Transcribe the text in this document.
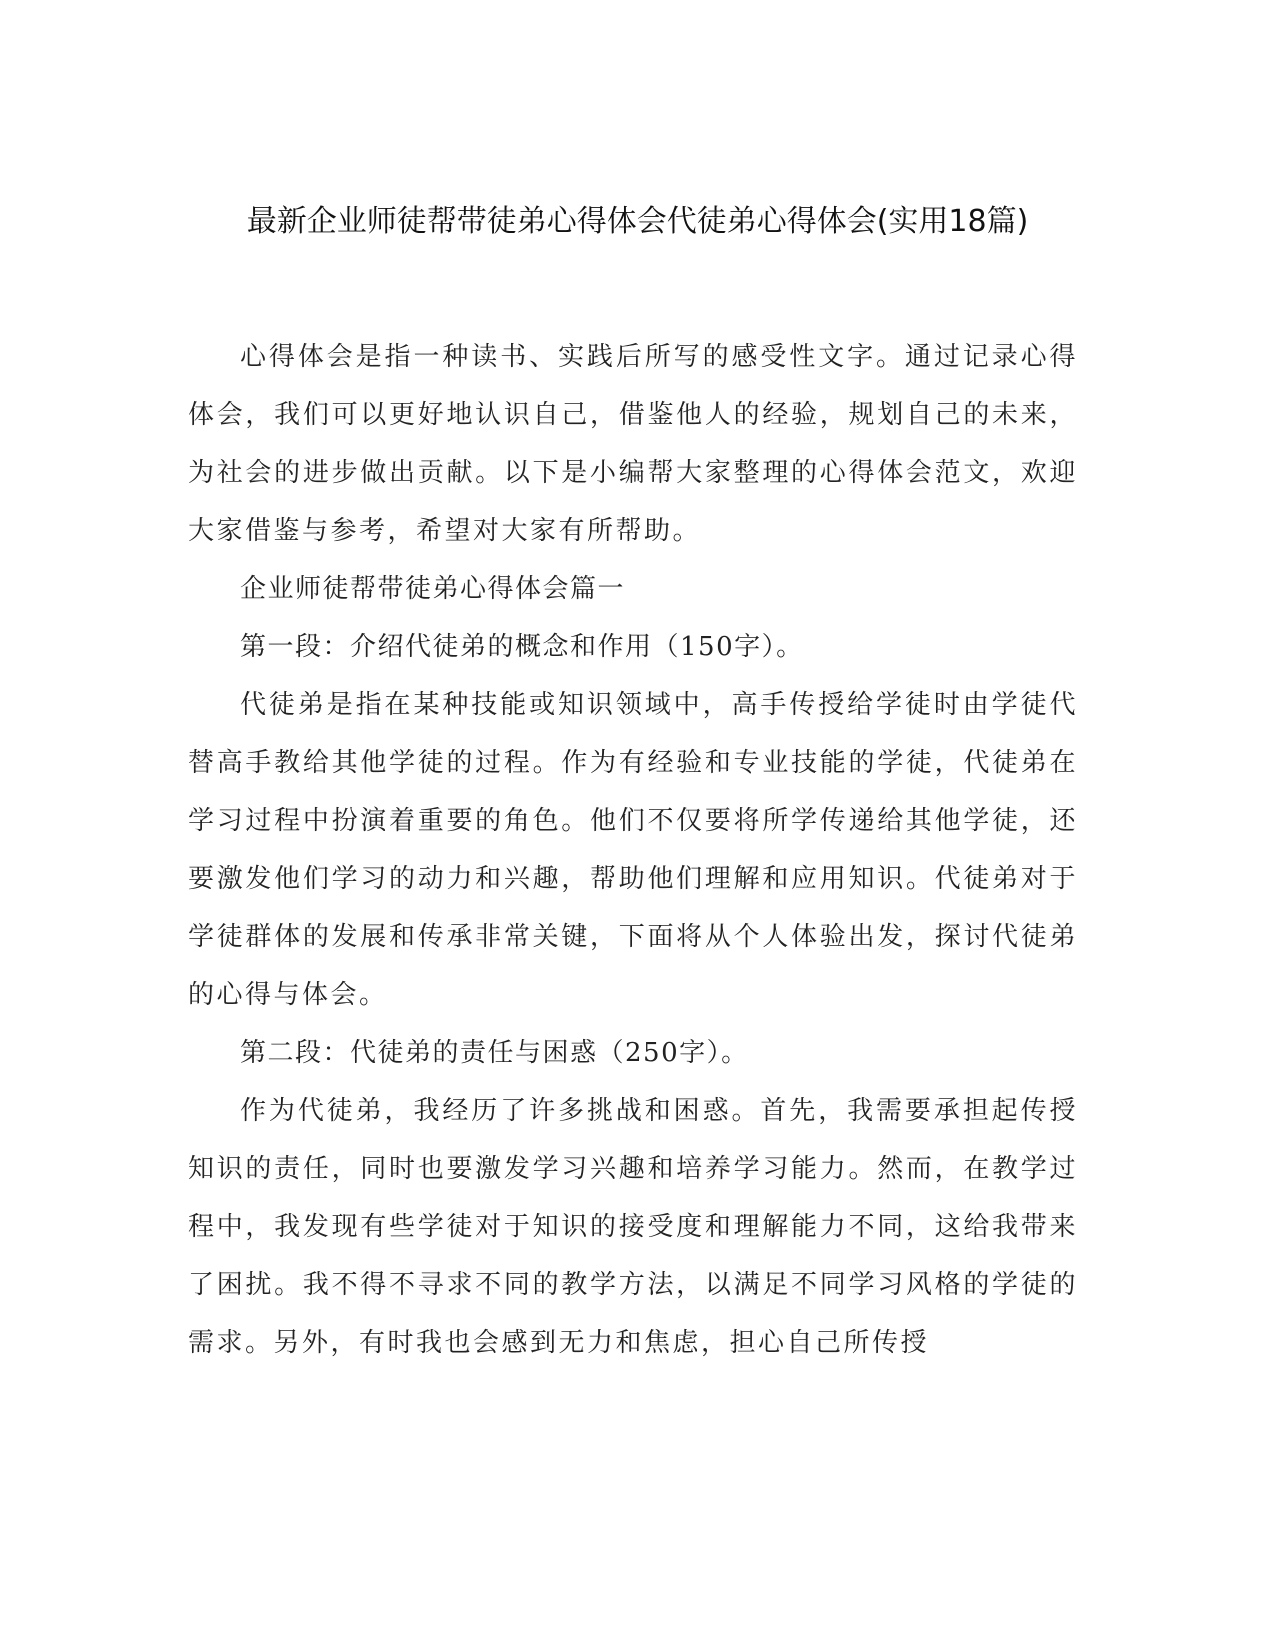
最新企业师徒帮带徒弟心得体会代徒弟心得体会(实用18篇)

心得体会是指一种读书、实践后所写的感受性文字。通过记录心得体会，我们可以更好地认识自己，借鉴他人的经验，规划自己的未来，为社会的进步做出贡献。以下是小编帮大家整理的心得体会范文，欢迎大家借鉴与参考，希望对大家有所帮助。

企业师徒帮带徒弟心得体会篇一

第一段：介绍代徒弟的概念和作用（150字）。

代徒弟是指在某种技能或知识领域中，高手传授给学徒时由学徒代替高手教给其他学徒的过程。作为有经验和专业技能的学徒，代徒弟在学习过程中扮演着重要的角色。他们不仅要将所学传递给其他学徒，还要激发他们学习的动力和兴趣，帮助他们理解和应用知识。代徒弟对于学徒群体的发展和传承非常关键，下面将从个人体验出发，探讨代徒弟的心得与体会。

第二段：代徒弟的责任与困惑（250字）。

作为代徒弟，我经历了许多挑战和困惑。首先，我需要承担起传授知识的责任，同时也要激发学习兴趣和培养学习能力。然而，在教学过程中，我发现有些学徒对于知识的接受度和理解能力不同，这给我带来了困扰。我不得不寻求不同的教学方法，以满足不同学习风格的学徒的需求。另外，有时我也会感到无力和焦虑，担心自己所传授
